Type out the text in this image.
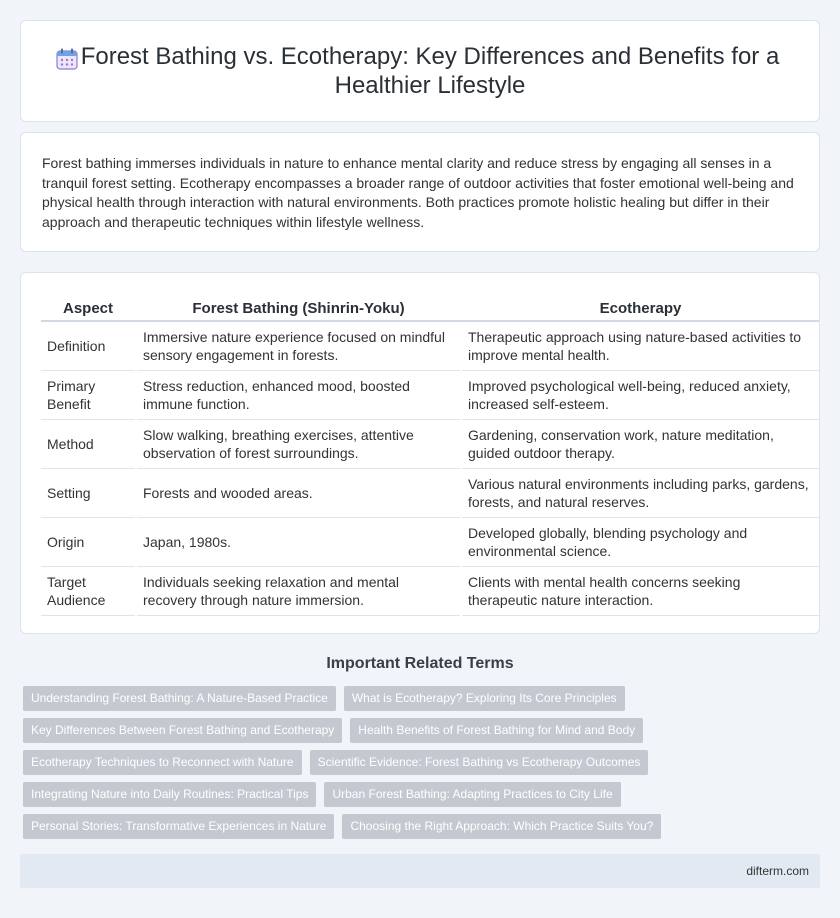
Forest Bathing vs. Ecotherapy: Key Differences and Benefits for a Healthier Lifestyle

Forest bathing immerses individuals in nature to enhance mental clarity and reduce stress by engaging all senses in a tranquil forest setting. Ecotherapy encompasses a broader range of outdoor activities that foster emotional well-being and physical health through interaction with natural environments. Both practices promote holistic healing but differ in their approach and therapeutic techniques within lifestyle wellness.

Aspect	Forest Bathing (Shinrin-Yoku)	Ecotherapy
Definition	Immersive nature experience focused on mindful sensory engagement in forests.	Therapeutic approach using nature-based activities to improve mental health.
Primary Benefit	Stress reduction, enhanced mood, boosted immune function.	Improved psychological well-being, reduced anxiety, increased self-esteem.
Method	Slow walking, breathing exercises, attentive observation of forest surroundings.	Gardening, conservation work, nature meditation, guided outdoor therapy.
Setting	Forests and wooded areas.	Various natural environments including parks, gardens, forests, and natural reserves.
Origin	Japan, 1980s.	Developed globally, blending psychology and environmental science.
Target Audience	Individuals seeking relaxation and mental recovery through nature immersion.	Clients with mental health concerns seeking therapeutic nature interaction.
Important Related Terms
Understanding Forest Bathing: A Nature-Based Practice	What is Ecotherapy? Exploring Its Core Principles
Key Differences Between Forest Bathing and Ecotherapy	Health Benefits of Forest Bathing for Mind and Body
Ecotherapy Techniques to Reconnect with Nature	Scientific Evidence: Forest Bathing vs Ecotherapy Outcomes
Integrating Nature into Daily Routines: Practical Tips	Urban Forest Bathing: Adapting Practices to City Life
Personal Stories: Transformative Experiences in Nature	Choosing the Right Approach: Which Practice Suits You?
difterm.com
